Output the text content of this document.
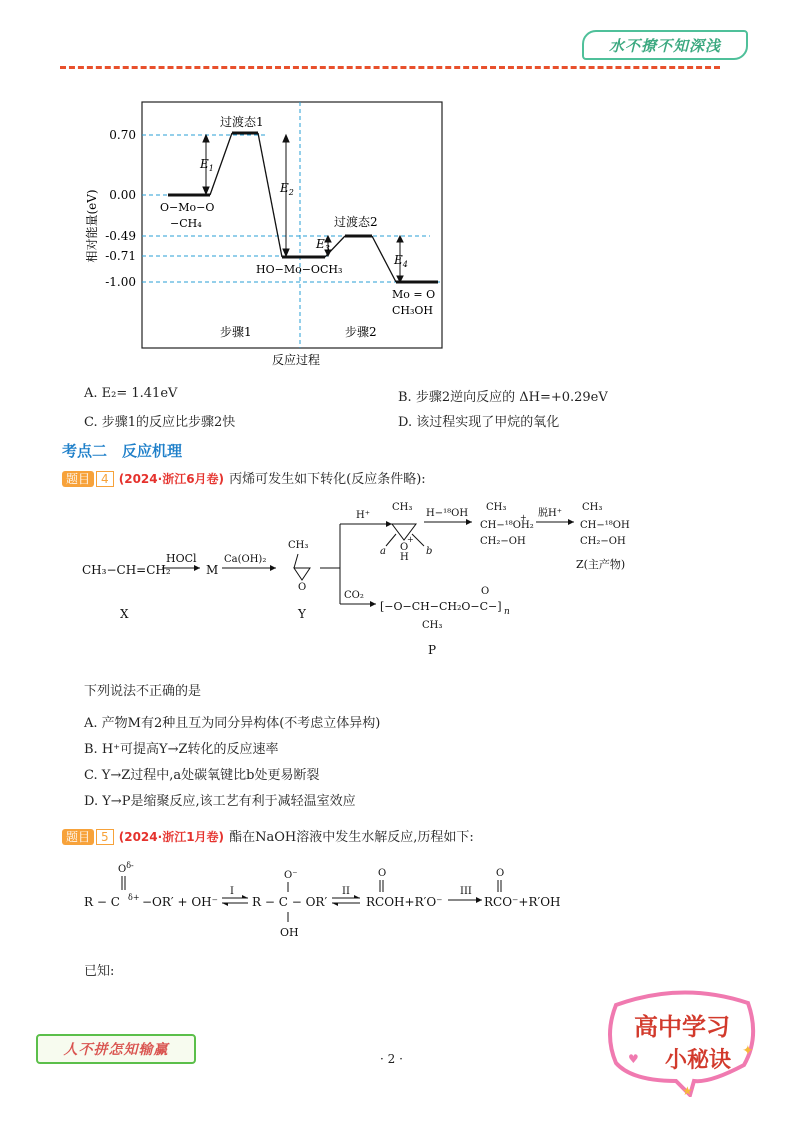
水不撩不知深浅
相对能量(eV)
0.70
0.00
-0.49
-0.71
-1.00
$E_1$
$E_2$
$E_3$
$E_4$
过渡态1
过渡态2
O−Mo−O
−CH₄
HO−Mo−OCH₃
Mo = O
CH₃OH
步骤1	步骤2
反应过程
A. E₂= 1.41eV	B. 步骤2逆向反应的 ΔH=+0.29eV
C. 步骤1的反应比步骤2快	D. 该过程实现了甲烷的氧化
考点二　反应机理
题目 4 (2024·浙江6月卷) 丙烯可发生如下转化(反应条件略):
CH₃−CH=CH₂
X
HOCl
M
Ca(OH)₂
CH₃
O
Y
H⁺
CO₂
CH₃
O
H
+
a	b
H−¹⁸OH
CH₃
CH−¹⁸OH₂
+
CH₂−OH
脱H⁺
CH₃
CH−¹⁸OH
CH₂−OH
Z(主产物)
O
[−O−CH−CH₂O−C−] n
CH₃
P
下列说法不正确的是
A. 产物M有2种且互为同分异构体(不考虑立体异构)
B. H⁺可提高Y→Z转化的反应速率
C. Y→Z过程中,a处碳氧键比b处更易断裂
D. Y→P是缩聚反应,该工艺有利于减轻温室效应
题目 5 (2024·浙江1月卷) 酯在NaOH溶液中发生水解反应,历程如下:
$O^{\delta-}$
R − C δ+ −OR′ + OH⁻
I
O⁻
R − C − OR′
OH
II
O
RCOH+R′O⁻
III
O
RCO⁻+R′OH
已知:
人不拼怎知输赢
· 2 ·
高中学习
小秘诀
♥	✦
★
